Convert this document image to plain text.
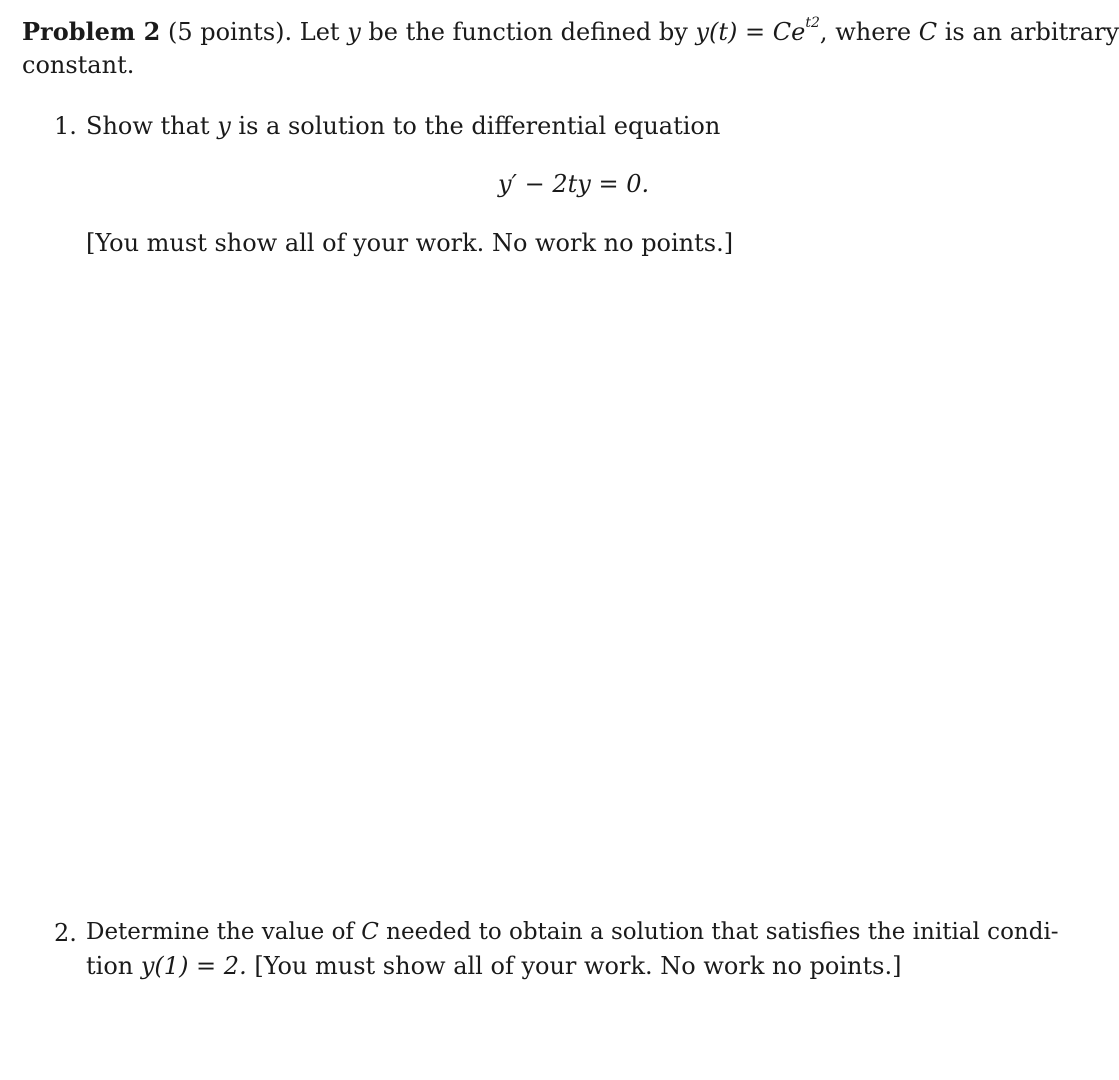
Problem 2 (5 points). Let y be the function defined by $y(t) = Ce^{t2}$, where C is an arbitrary
constant.
1. Show that y is a solution to the differential equation
y′ − 2ty = 0.
[You must show all of your work. No work no points.]
2. Determine the value of C needed to obtain a solution that satisfies the initial condi-
tion y(1) = 2. [You must show all of your work. No work no points.]
